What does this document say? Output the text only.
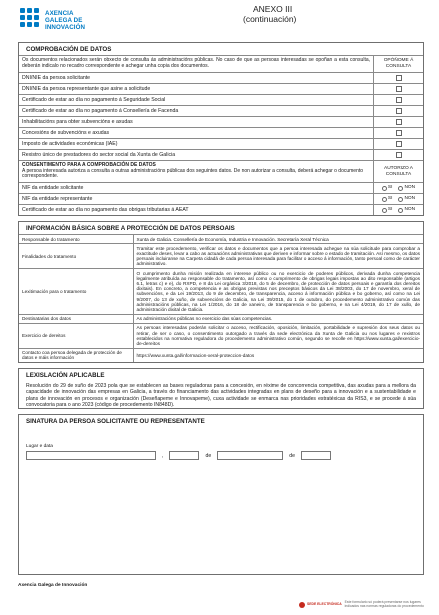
AXENCIA
GALEGA DE
INNOVACIÓN
ANEXO III
(continuación)
COMPROBACIÓN DE DATOS
Os documentos relacionados serán obxecto de consulta ás administracións públicas. No caso de que as persoas interesadas se opoñan a esta consulta, deberán indicalo no recadro correspondente e achegar unha copia dos documentos.
OPÓÑOME Á CONSULTA
DNI/NIE da persoa solicitante
DNI/NIE da persoa representante que asine a solicitude
Certificado de estar ao día no pagamento á Seguridade Social
Certificado de estar ao día no pagamento á Consellería de Facenda
Inhabilitacións para obter subvencións e axudas
Concesións de subvencións e axudas
Imposto de actividades económicas (IAE)
Rexistro único de prestadores do sector social da Xunta de Galicia
CONSENTIMENTO PARA A COMPROBACIÓN DE DATOS
A persoa interesada autoriza a consulta a outras administracións públicas dos seguintes datos. De non autorizar a consulta, deberá achegar o documento correspondente.
AUTORIZO A CONSULTA
NIF da entidade solicitante	SI	NON
NIF da entidade representante	SI	NON
Certificado de estar ao día no pagamento das obrigas tributarias á AEAT	SI	NON
INFORMACIÓN BÁSICA SOBRE A PROTECCIÓN DE DATOS PERSOAIS
Responsable do tratamento	Xunta de Galicia. Consellería de Economía, Industria e Innovación. Secretaría Xeral Técnica
Finalidades do tratamento	Tramitar este procedemento, verificar os datos e documentos que a persoa interesada achegue na súa solicitude para comprobar a exactitude deses, levar a cabo as actuacións administrativas que deriven e informar sobre o estado de tramitación. Así mesmo, os datos persoais incluiranse na Carpeta cidadá de cada persoa interesada para facilitar o acceso á información, tanto persoal como de carácter administrativo.
Lexitimación para o tratamento	O cumprimento dunha misión realizada en interese público ou no exercicio de poderes públicos, derivada dunha competencia legalmente atribuída ao responsable do tratamento, así como o cumprimento de obrigas legais impostas ao dito responsable (artigos 6.1, letras c) e e), do RXPD, e 8 da Lei orgánica 3/2018, do 5 de decembro, de protección de datos persoais e garantía dos dereitos dixitais). En concreto, a competencia e as obrigas previstas nos preceptos básicos da Lei 38/2003, do 17 de novembro, xeral de subvencións, e da Lei 19/2013, do 9 de decembro, de transparencia, acceso á información pública e bo goberno, así como na Lei 9/2007, do 13 de xuño, de subvencións de Galicia, na Lei 39/2015, do 1 de outubro, do procedemento administrativo común das administracións públicas, na Lei 1/2016, do 18 de xaneiro, de transparencia e bo goberno, e na Lei 4/2019, do 17 de xullo, de administración dixital de Galicia.
Destinatarias dos datos	As administracións públicas no exercicio das súas competencias.
Exercicio de dereitos	As persoas interesadas poderán solicitar o acceso, rectificación, oposición, limitación, portabilidade e supresión dos seus datos ou retirar, de ser o caso, o consentimento outorgado a través da sede electrónica da Xunta de Galicia ou nos lugares e rexistros establecidos na normativa reguladora do procedemento administrativo común, segundo se recolle en https://www.xunta.gal/exercicio-de-dereitos
Contacto coa persoa delegada de protección de datos e máis información	https://www.xunta.gal/informacion-xeral-proteccion-datos
LEXISLACIÓN APLICABLE
Resolución do 29 de xuño de 2023 pola que se establecen as bases reguladoras para a concesión, en réxime de concorrencia competitiva, das axudas para a mellora da capacidade de innovación das empresas en Galicia, a través do financiamento das actividades integradas en plans de deseño para a innovación e a sustentabilidade e plans de innovación en procesos e organización (Deseñapeme e Innovapeme), cuxa actividade se enmarca nas prioridades estratéxicas da RIS3, e se procede á súa convocatoria para o ano 2023 (código de procedemento IN848D).
SINATURA DA PERSOA SOLICITANTE OU REPRESENTANTE
Lugar e data
,	de	de
Axencia Galega de Innovación
SEDE ELECTRÓNICA Este formulario só poderá presentarse nos lugares indicados nas normas reguladoras do procedemento
